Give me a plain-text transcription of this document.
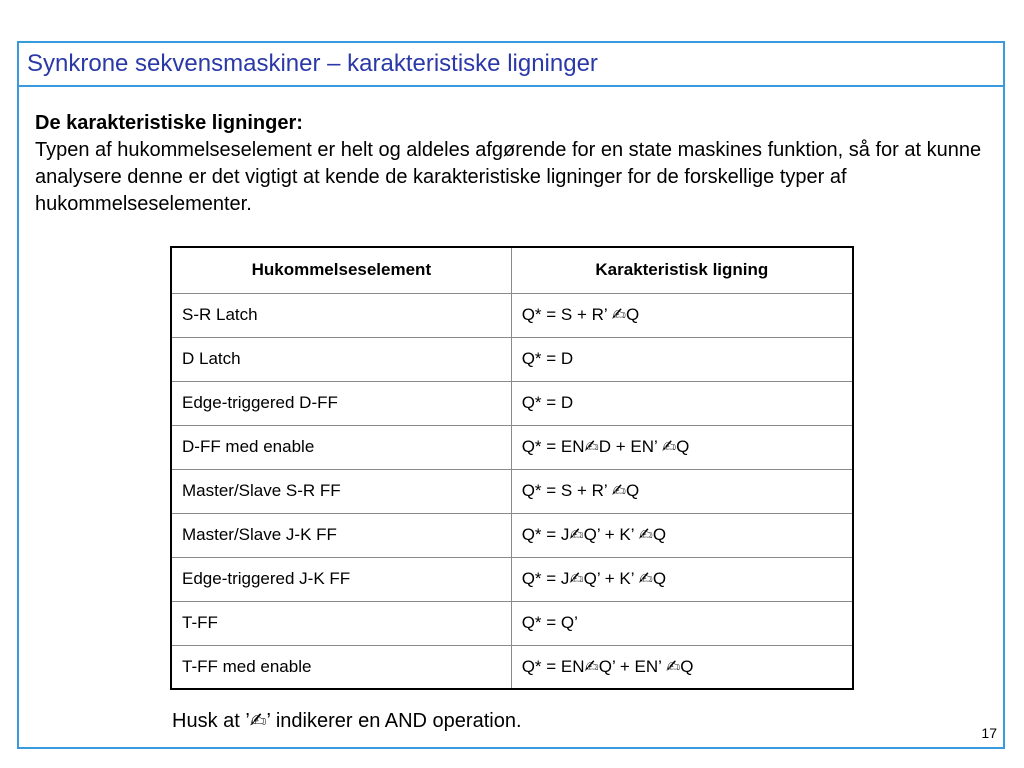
Synkrone sekvensmaskiner – karakteristiske ligninger
De karakteristiske ligninger:
Typen af hukommelseselement er helt og aldeles afgørende for en state maskines funktion, så for at kunne analysere denne er det vigtigt at kende de karakteristiske ligninger for de forskellige typer af hukommelseselementer.
Hukommelseselement	Karakteristisk ligning
S-R Latch	Q* = S + R’ ✍Q
D Latch	Q* = D
Edge-triggered D-FF	Q* = D
D-FF med enable	Q* = EN✍D + EN’ ✍Q
Master/Slave S-R FF	Q* = S + R’ ✍Q
Master/Slave J-K FF	Q* = J✍Q’ + K’ ✍Q
Edge-triggered J-K FF	Q* = J✍Q’ + K’ ✍Q
T-FF	Q* = Q’
T-FF med enable	Q* = EN✍Q’ + EN’ ✍Q
Husk at ’✍’ indikerer en AND operation.
17
